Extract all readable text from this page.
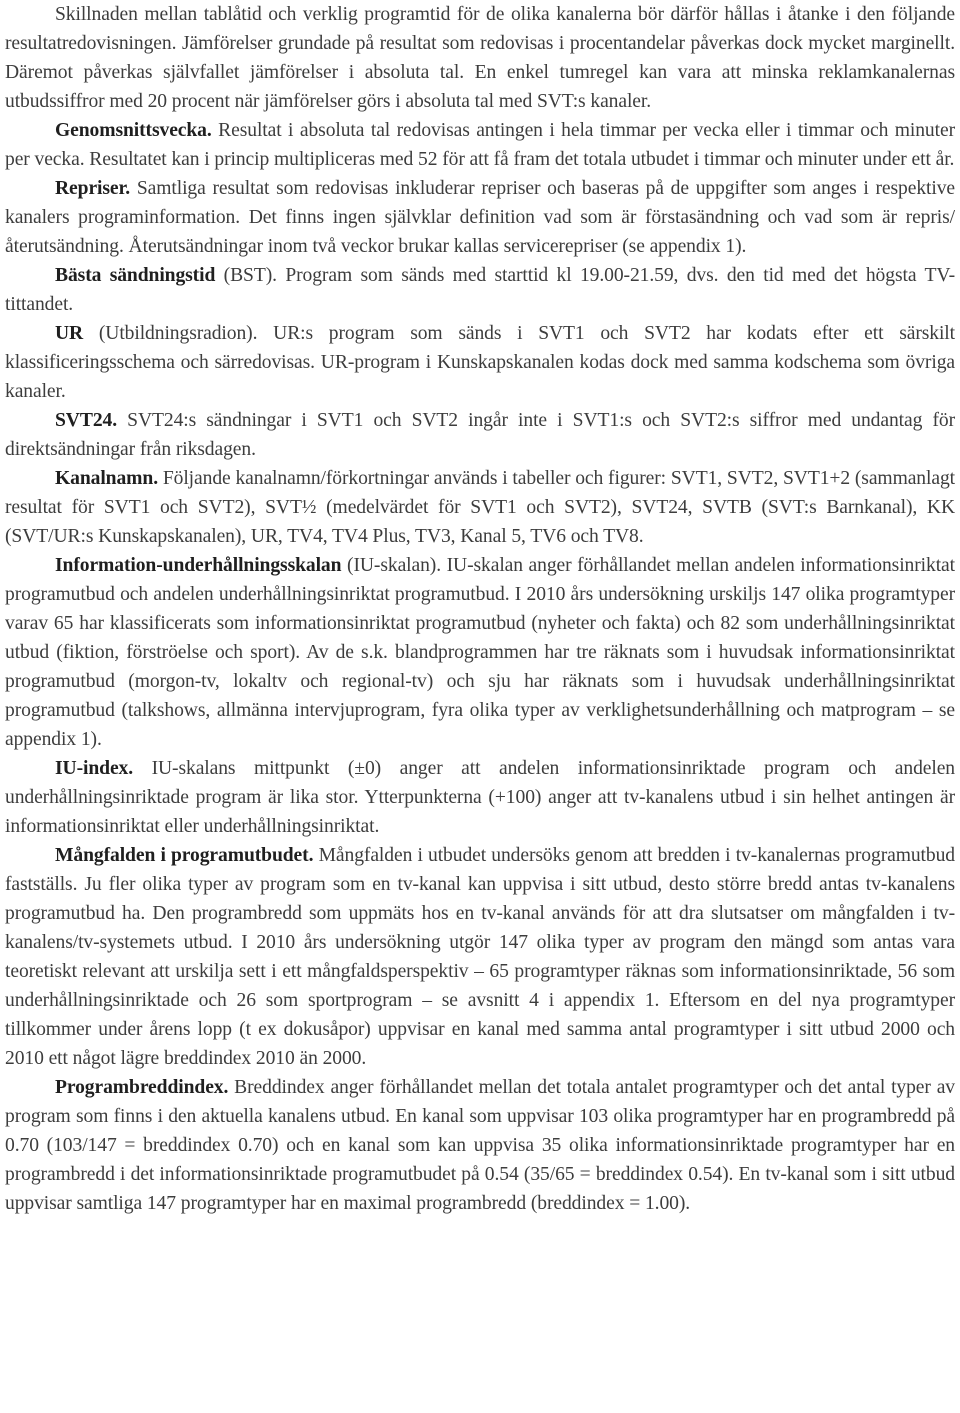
Skillnaden mellan tablåtid och verklig programtid för de olika kanalerna bör därför hållas i åtanke i den följande resultatredovisningen. Jämförelser grundade på resultat som redovisas i procentandelar påverkas dock mycket marginellt. Däremot påverkas självfallet jämförelser i absoluta tal. En enkel tumregel kan vara att minska reklamkanalernas utbudssiffror med 20 procent när jämförelser görs i absoluta tal med SVT:s kanaler.

Genomsnittsvecka. Resultat i absoluta tal redovisas antingen i hela timmar per vecka eller i timmar och minuter per vecka. Resultatet kan i princip multipliceras med 52 för att få fram det totala utbudet i timmar och minuter under ett år.

Repriser. Samtliga resultat som redovisas inkluderar repriser och baseras på de uppgifter som anges i respektive kanalers programinformation. Det finns ingen självklar definition vad som är förstasändning och vad som är repris/återutsändning. Återutsändningar inom två veckor brukar kallas servicerepriser (se appendix 1).

Bästa sändningstid (BST). Program som sänds med starttid kl 19.00-21.59, dvs. den tid med det högsta TV-tittandet.

UR (Utbildningsradion). UR:s program som sänds i SVT1 och SVT2 har kodats efter ett särskilt klassificeringsschema och särredovisas. UR-program i Kunskapskanalen kodas dock med samma kodschema som övriga kanaler.

SVT24. SVT24:s sändningar i SVT1 och SVT2 ingår inte i SVT1:s och SVT2:s siffror med undantag för direktsändningar från riksdagen.

Kanalnamn. Följande kanalnamn/förkortningar används i tabeller och figurer: SVT1, SVT2, SVT1+2 (sammanlagt resultat för SVT1 och SVT2), SVT½ (medelvärdet för SVT1 och SVT2), SVT24, SVTB (SVT:s Barnkanal), KK (SVT/UR:s Kunskapskanalen), UR, TV4, TV4 Plus, TV3, Kanal 5, TV6 och TV8.

Information-underhållningsskalan (IU-skalan). IU-skalan anger förhållandet mellan andelen informationsinriktat programutbud och andelen underhållningsinriktat programutbud. I 2010 års undersökning urskiljs 147 olika programtyper varav 65 har klassificerats som informationsinriktat programutbud (nyheter och fakta) och 82 som underhållningsinriktat utbud (fiktion, förströelse och sport). Av de s.k. blandprogrammen har tre räknats som i huvudsak informationsinriktat programutbud (morgon-tv, lokaltv och regional-tv) och sju har räknats som i huvudsak underhållningsinriktat programutbud (talkshows, allmänna intervjuprogram, fyra olika typer av verklighetsunderhållning och matprogram – se appendix 1).

IU-index. IU-skalans mittpunkt (±0) anger att andelen informationsinriktade program och andelen underhållningsinriktade program är lika stor. Ytterpunkterna (+100) anger att tv-kanalens utbud i sin helhet antingen är informationsinriktat eller underhållningsinriktat.

Mångfalden i programutbudet. Mångfalden i utbudet undersöks genom att bredden i tv-kanalernas programutbud fastställs. Ju fler olika typer av program som en tv-kanal kan uppvisa i sitt utbud, desto större bredd antas tv-kanalens programutbud ha. Den programbredd som uppmäts hos en tv-kanal används för att dra slutsatser om mångfalden i tv-kanalens/tv-systemets utbud. I 2010 års undersökning utgör 147 olika typer av program den mängd som antas vara teoretiskt relevant att urskilja sett i ett mångfaldsperspektiv – 65 programtyper räknas som informationsinriktade, 56 som underhållningsinriktade och 26 som sportprogram – se avsnitt 4 i appendix 1. Eftersom en del nya programtyper tillkommer under årens lopp (t ex dokusåpor) uppvisar en kanal med samma antal programtyper i sitt utbud 2000 och 2010 ett något lägre breddindex 2010 än 2000.

Programbreddindex. Breddindex anger förhållandet mellan det totala antalet programtyper och det antal typer av program som finns i den aktuella kanalens utbud. En kanal som uppvisar 103 olika programtyper har en programbredd på 0.70 (103/147 = breddindex 0.70) och en kanal som kan uppvisa 35 olika informationsinriktade programtyper har en programbredd i det informationsinriktade programutbudet på 0.54 (35/65 = breddindex 0.54). En tv-kanal som i sitt utbud uppvisar samtliga 147 programtyper har en maximal programbredd (breddindex = 1.00).
